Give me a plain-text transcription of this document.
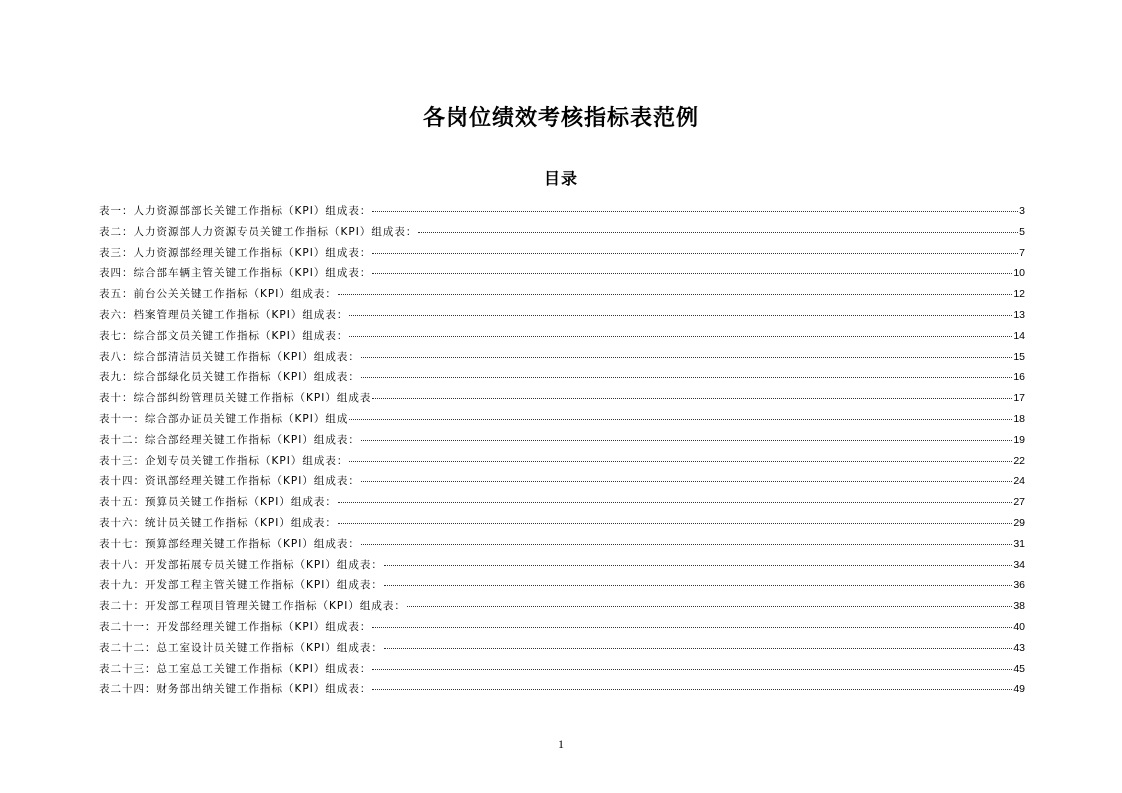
各岗位绩效考核指标表范例
目录
表一：人力资源部部长关键工作指标（KPI）组成表：	3
表二：人力资源部人力资源专员关键工作指标（KPI）组成表：	5
表三：人力资源部经理关键工作指标（KPI）组成表：	7
表四：综合部车辆主管关键工作指标（KPI）组成表：	10
表五：前台公关关键工作指标（KPI）组成表：	12
表六：档案管理员关键工作指标（KPI）组成表：	13
表七：综合部文员关键工作指标（KPI）组成表：	14
表八：综合部清洁员关键工作指标（KPI）组成表：	15
表九：综合部绿化员关键工作指标（KPI）组成表：	16
表十：综合部纠纷管理员关键工作指标（KPI）组成表	17
表十一：综合部办证员关键工作指标（KPI）组成	18
表十二：综合部经理关键工作指标（KPI）组成表：	19
表十三：企划专员关键工作指标（KPI）组成表：	22
表十四：资讯部经理关键工作指标（KPI）组成表：	24
表十五：预算员关键工作指标（KPI）组成表：	27
表十六：统计员关键工作指标（KPI）组成表：	29
表十七：预算部经理关键工作指标（KPI）组成表：	31
表十八：开发部拓展专员关键工作指标（KPI）组成表：	34
表十九：开发部工程主管关键工作指标（KPI）组成表：	36
表二十：开发部工程项目管理关键工作指标（KPI）组成表：	38
表二十一：开发部经理关键工作指标（KPI）组成表：	40
表二十二：总工室设计员关键工作指标（KPI）组成表：	43
表二十三：总工室总工关键工作指标（KPI）组成表：	45
表二十四：财务部出纳关键工作指标（KPI）组成表：	49
1
